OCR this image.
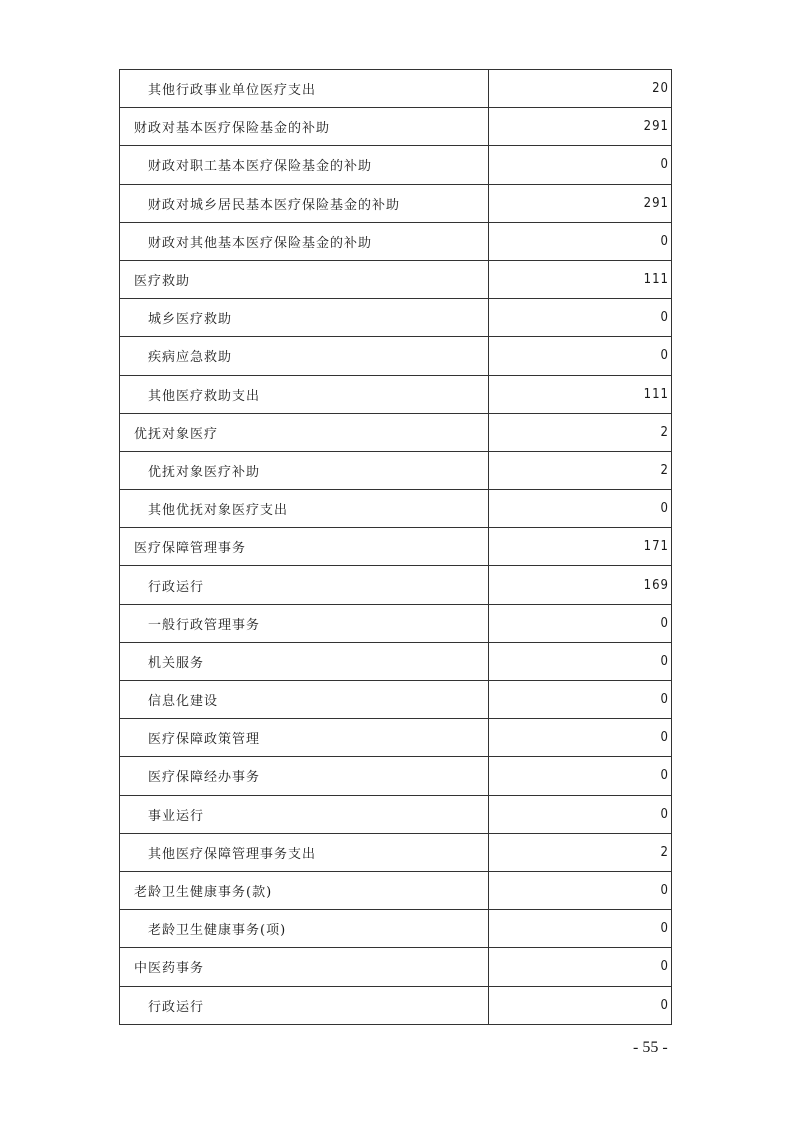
其他行政事业单位医疗支出	20
财政对基本医疗保险基金的补助	291
财政对职工基本医疗保险基金的补助	0
财政对城乡居民基本医疗保险基金的补助	291
财政对其他基本医疗保险基金的补助	0
医疗救助	111
城乡医疗救助	0
疾病应急救助	0
其他医疗救助支出	111
优抚对象医疗	2
优抚对象医疗补助	2
其他优抚对象医疗支出	0
医疗保障管理事务	171
行政运行	169
一般行政管理事务	0
机关服务	0
信息化建设	0
医疗保障政策管理	0
医疗保障经办事务	0
事业运行	0
其他医疗保障管理事务支出	2
老龄卫生健康事务(款)	0
老龄卫生健康事务(项)	0
中医药事务	0
行政运行	0
- 55 -
